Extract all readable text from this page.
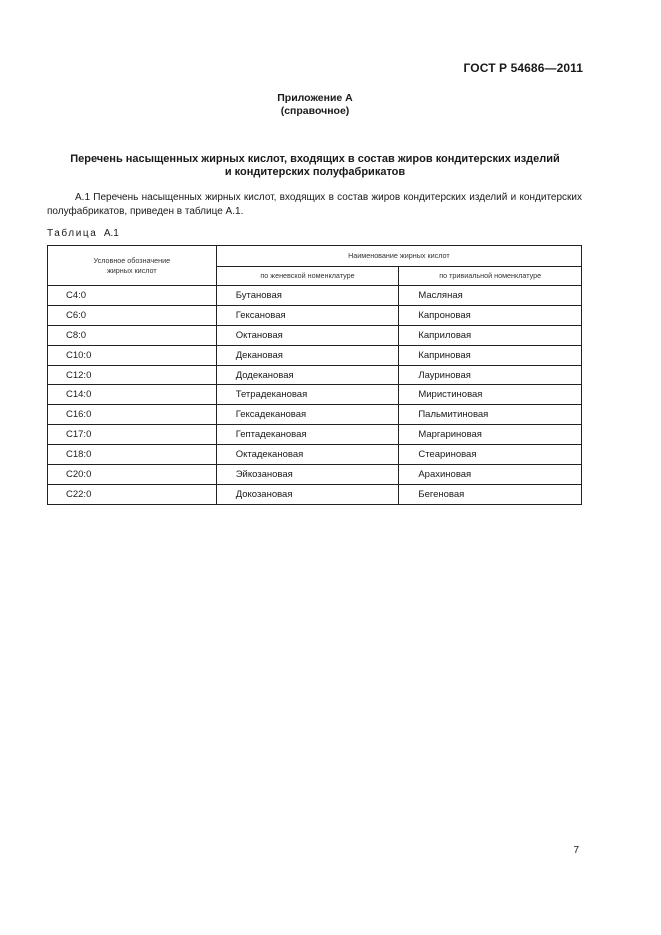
ГОСТ Р 54686—2011
Приложение А
(справочное)
Перечень насыщенных жирных кислот, входящих в состав жиров кондитерских изделий
и кондитерских полуфабрикатов
А.1 Перечень насыщенных жирных кислот, входящих в состав жиров кондитерских изделий и кондитерских полуфабрикатов, приведен в таблице А.1.
Таблица А.1
Условное обозначение жирных кислот	Наименование жирных кислот	
	по женевской номенклатуре	по тривиальной номенклатуре
С4:0	Бутановая	Масляная
С6:0	Гексановая	Капроновая
С8:0	Октановая	Каприловая
С10:0	Декановая	Каприновая
С12:0	Додекановая	Лауриновая
С14:0	Тетрадекановая	Миристиновая
С16:0	Гексадекановая	Пальмитиновая
С17:0	Гептадекановая	Маргариновая
С18:0	Октадекановая	Стеариновая
С20:0	Эйкозановая	Арахиновая
С22:0	Докозановая	Бегеновая
7
